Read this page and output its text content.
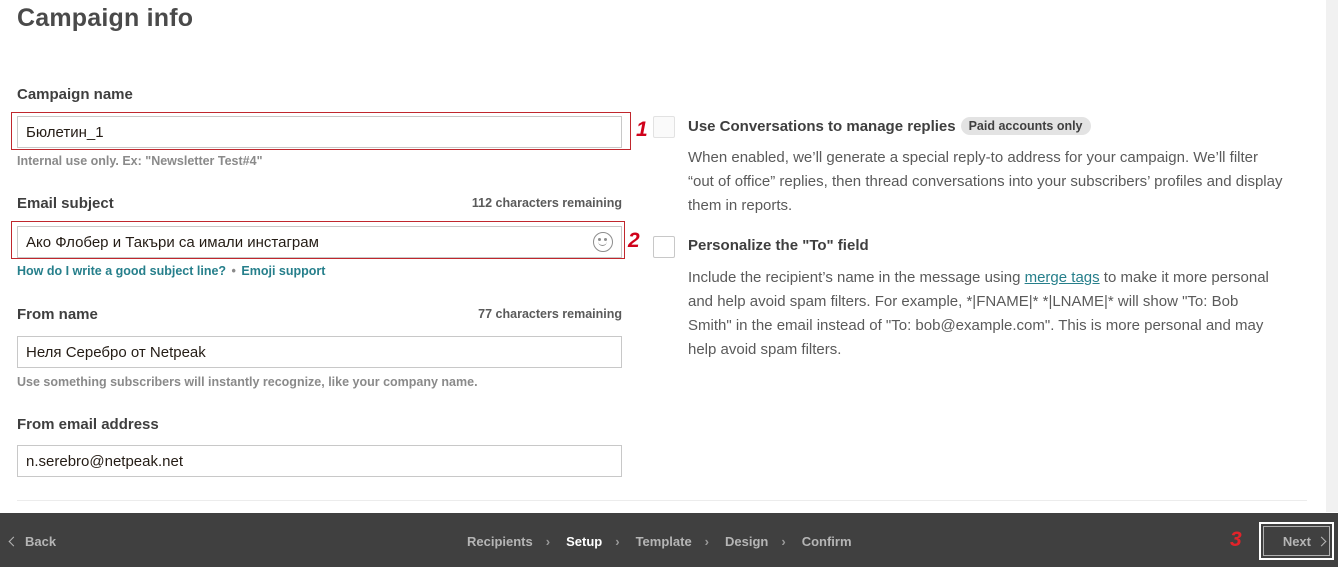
Campaign info
Campaign name
Бюлетин_1	1
Internal use only. Ex: "Newsletter Test#4"
Email subject	112 characters remaining
Ако Флобер и Такъри са имали инстаграм	2
How do I write a good subject line? • Emoji support
From name	77 characters remaining
Неля Серебро от Netpeak
Use something subscribers will instantly recognize, like your company name.
From email address
n.serebro@netpeak.net
Use Conversations to manage replies Paid accounts only
When enabled, we’ll generate a special reply-to address for your campaign. We’ll filter “out of office” replies, then thread conversations into your subscribers’ profiles and display them in reports.
Personalize the "To" field
Include the recipient’s name in the message using merge tags to make it more personal and help avoid spam filters. For example, *|FNAME|* *|LNAME|* will show "To: Bob Smith" in the email instead of "To: bob@example.com". This is more personal and may help avoid spam filters.
Back	Recipients › Setup › Template › Design › Confirm	3	Next
